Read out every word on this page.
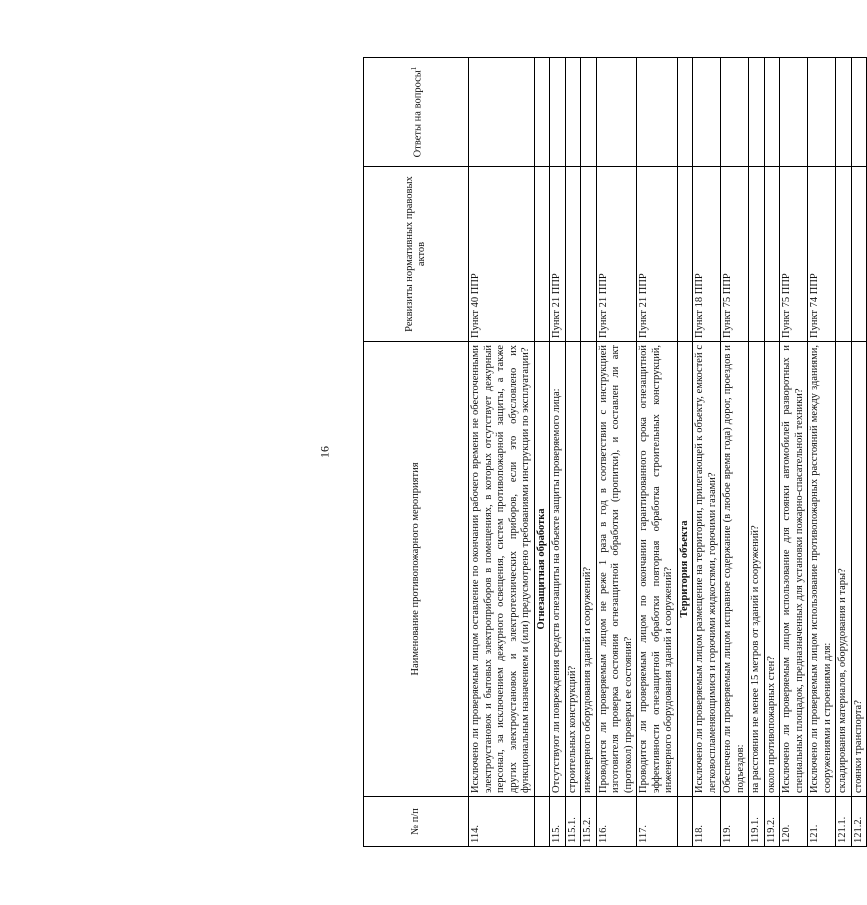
16
№ п/п	Наименование противопожарного мероприятия	Реквизиты нормативных правовых актов	Ответы на вопросы$^1$
114.	Исключено ли проверяемым лицом оставление по окончании рабочего времени не обесточенными электроустановок и бытовых электроприборов в помещениях, в которых отсутствует дежурный персонал, за исключением дежурного освещения, систем противопожарной защиты, а также других электроустановок и электротехнических приборов, если это обусловлено их функциональным назначением и (или) предусмотрено требованиями инструкции по эксплуатации?	Пункт 40 ППР	
	Огнезащитная обработка		
115.	Отсутствуют ли повреждения средств огнезащиты на объекте защиты проверяемого лица:	Пункт 21 ППР	
115.1.	строительных конструкций?		
115.2.	инженерного оборудования зданий и сооружений?		
116.	Проводится ли проверяемым лицом не реже 1 раза в год в соответствии с инструкцией изготовителя проверка состояния огнезащитной обработки (пропитки), и составлен ли акт (протокол) проверки ее состояния?	Пункт 21 ППР	
117.	Проводится ли проверяемым лицом по окончании гарантированного срока огнезащитной эффективности огнезащитной обработки повторная обработка строительных конструкций, инженерного оборудования зданий и сооружений?	Пункт 21 ППР	
	Территория объекта		
118.	Исключено ли проверяемым лицом размещение на территории, прилегающей к объекту, емкостей с легковоспламеняющимися и горючими жидкостями, горючими газами?	Пункт 18 ППР	
119.	Обеспечено ли проверяемым лицом исправное содержание (в любое время года) дорог, проездов и подъездов:	Пункт 75 ППР	
119.1.	на расстоянии не менее 15 метров от зданий и сооружений?		
119.2.	около противопожарных стен?		
120.	Исключено ли проверяемым лицом использование для стоянки автомобилей разворотных и специальных площадок, предназначенных для установки пожарно-спасательной техники?	Пункт 75 ППР	
121.	Исключено ли проверяемым лицом использование противопожарных расстояний между зданиями, сооружениями и строениями для:	Пункт 74 ППР	
121.1.	складирования материалов, оборудования и тары?		
121.2.	стоянки транспорта?		
